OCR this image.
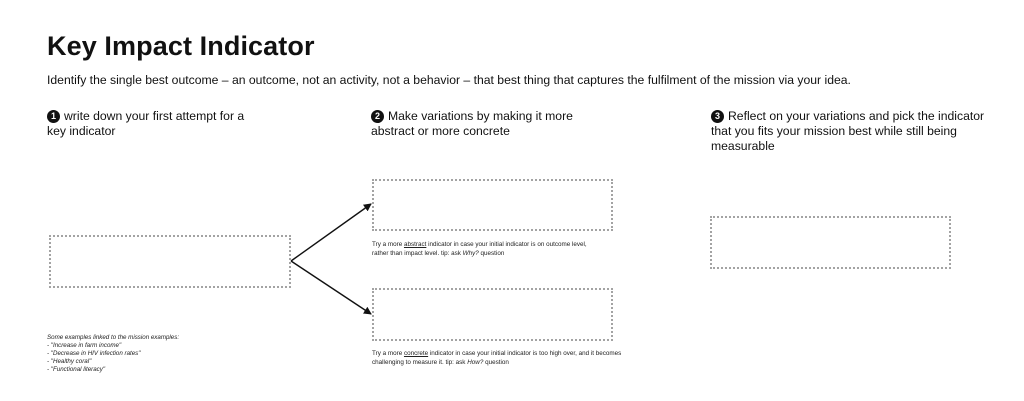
Key Impact Indicator
Identify the single best outcome – an outcome, not an activity, not a behavior – that best thing that captures the fulfilment of the mission via your idea.
1 write down your first attempt for a
key indicator
2 Make variations by making it more
abstract or more concrete
3 Reflect on your variations and pick the indicator
that you fits your mission best while still being
measurable
Try a more abstract indicator in case your initial indicator is on outcome level,
rather than impact level. tip: ask Why? question
Try a more concrete indicator in case your initial indicator is too high over, and it becomes
challenging to measure it. tip: ask How? question
Some examples linked to the mission examples:
- "Increase in farm income"
- "Decrease in HIV infection rates"
- "Healthy coral"
- "Functional literacy"
